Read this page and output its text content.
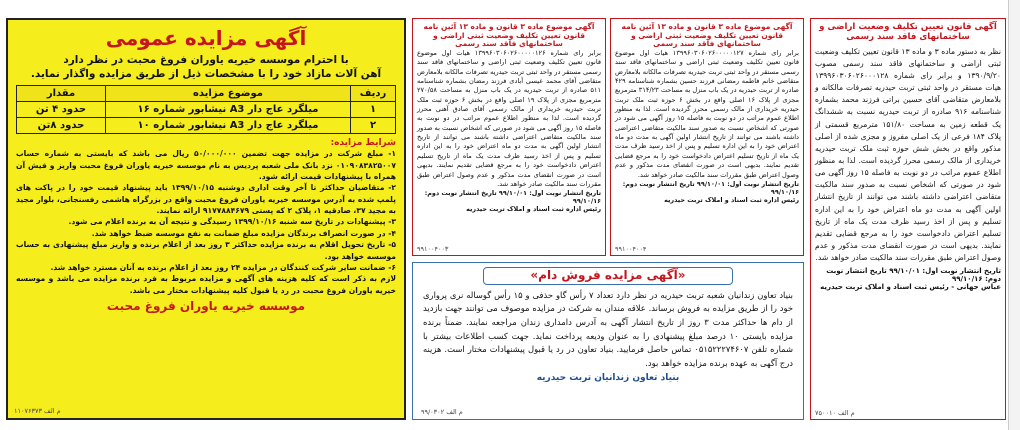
آگهی مزایده عمومی
با احترام موسسه خیریه یاوران فروغ محبت در نظر دارد
آهن آلات مازاد خود را با مشخصات ذیل از طریق مزایده واگذار نماید.
ردیف	موضوع مزایده	مقدار
۱	میلگرد عاج دار A3 نیشابور شماره ۱۶	حدود ۴ تن
۲	میلگرد عاج دار A3 نیشابور شماره ۱۰	حدود ۸تن
شرایط مزایده:
۱- مبلغ شرکت در مزایده جهت تضمین ۵۰/۰۰۰/۰۰۰ ریال می باشد که بایستی به شماره حساب ۰۱۰۹۰۸۳۸۲۵۰۰۷ نزد بانک ملی شعبه پردیس به نام موسسه خیریه یاوران فروغ محبت واریز و فیش آن همراه با پیشنهادات قیمت ارائه شود.
۲- متقاضیان حداکثر تا آخر وقت اداری دوشنبه ۱۳۹۹/۱۰/۱۵ باید پیشنهاد قیمت خود را در پاکت های پلمپ شده به آدرس موسسه خیریه یاوران فروغ محبت واقع در بزرگراه هاشمی رفسنجانی، بلوار مجید به مجید ۳۷، صادقیه ۱، پلاک ۲ که پستی ۹۱۷۷۸۸۴۶۷۹ ارائه نمایند.
۳- پیشنهادات در تاریخ سه شنبه ۱۳۹۹/۱۰/۱۶ رسیدگی و نتیجه آن به برنده اعلام می شود.
۴- در صورت انصراف برندگان مزایده مبلغ ضمانت به نفع موسسه ضبط خواهد شد.
۵- تاریخ تحویل اقلام به برنده مزایده حداکثر ۳ روز بعد از اعلام برنده و واریز مبلغ پیشنهادی به حساب موسسه خواهد بود.
۶- ضمانت سایر شرکت کنندگان در مزایده ۲۴ روز بعد از اعلام برنده به آنان مسترد خواهد شد.
لازم به ذکر است که کلیه هزینه های آگهی و مزایده مربوط به فرد برنده مزایده می باشد و موسسه خیریه یاوران فروغ محبت در رد یا قبول کلیه پیشنهادات مختار می باشد.
موسسه خیریه یاوران فروغ محبت
۱۱۰۷۶۳۷۳ م الف
آگهی موضوع ماده ۳ قانون و ماده ۱۳ آئین نامه قانون تعیین تکلیف وضعیت ثبتی اراضی و ساختمانهای فاقد سند رسمی
برابر رای شماره ۱۳۹۹۶۰۳۰۶۰۲۶۰۰۰۰۰۱۲۶ هیات اول موضوع قانون تعیین تکلیف وضعیت ثبتی اراضی و ساختمانهای فاقد سند رسمی مستقر در واحد ثبتی تربت حیدریه تصرفات مالکانه بلامعارض متقاضی آقای محمد عیسی آبادی فرزند رمضان بشماره شناسنامه ۵۱۱ صادره از تربت حیدریه در یک باب منزل به مساحت ۲۷۰/۵۸ مترمربع مجزی از پلاک ۱۹ اصلی واقع در بخش ۶ حوزه ثبت ملک تربت حیدریه خریداری از مالک رسمی آقای صادق آهنی محرز گردیده است. لذا به منظور اطلاع عموم مراتب در دو نوبت به فاصله ۱۵ روز آگهی می شود در صورتی که اشخاص نسبت به صدور سند مالکیت متقاضی اعتراضی داشته باشند می توانند از تاریخ انتشار اولین آگهی به مدت دو ماه اعتراض خود را به این اداره تسلیم و پس از اخذ رسید ظرف مدت یک ماه از تاریخ تسلیم اعتراض دادخواست خود را به مرجع قضایی تقدیم نمایند. بدیهی است در صورت انقضای مدت مذکور و عدم وصول اعتراض طبق مقررات سند مالکیت صادر خواهد شد.
تاریخ انتشار نوبت اول: ۹۹/۱۰/۰۱ تاریخ انتشار نوبت دوم: ۹۹/۱۰/۱۶
رئیس اداره ثبت اسناد و املاک تربت حیدریه
۹۹۱۰۰۴۰۰۳
آگهی موضوع ماده ۳ قانون و ماده ۱۳ آئین نامه قانون تعیین تکلیف وضعیت ثبتی اراضی و ساختمانهای فاقد سند رسمی
برابر رای شماره ۱۳۹۹۶۰۳۰۶۰۲۶۰۰۰۰۰۱۲۷ هیات اول موضوع قانون تعیین تکلیف وضعیت ثبتی اراضی و ساختمانهای فاقد سند رسمی مستقر در واحد ثبتی تربت حیدریه تصرفات مالکانه بلامعارض متقاضی خانم فاطمه رمضانی فرزند حسین بشماره شناسنامه ۴۲۹ صادره از تربت حیدریه در یک باب منزل به مساحت ۳۱۴/۲۳ مترمربع مجزی از پلاک ۱۶ اصلی واقع در بخش ۶ حوزه ثبت ملک تربت حیدریه خریداری از مالک رسمی محرز گردیده است. لذا به منظور اطلاع عموم مراتب در دو نوبت به فاصله ۱۵ روز آگهی می شود در صورتی که اشخاص نسبت به صدور سند مالکیت متقاضی اعتراضی داشته باشند می توانند از تاریخ انتشار اولین آگهی به مدت دو ماه اعتراض خود را به این اداره تسلیم و پس از اخذ رسید ظرف مدت یک ماه از تاریخ تسلیم اعتراض دادخواست خود را به مرجع قضایی تقدیم نمایند. بدیهی است در صورت انقضای مدت مذکور و عدم وصول اعتراض طبق مقررات سند مالکیت صادر خواهد شد.
تاریخ انتشار نوبت اول: ۹۹/۱۰/۰۱ تاریخ انتشار نوبت دوم: ۹۹/۱۰/۱۶
رئیس اداره ثبت اسناد و املاک تربت حیدریه
۹۹۱۰۰۴۰۰۴
«آگهی مزایده فروش دام»
بنیاد تعاون زندانیان شعبه تربت حیدریه در نظر دارد تعداد ۷ رأس گاو حذفی و ۱۵ رأس گوساله نری پرواری خود را از طریق مزایده به فروش برساند. علاقه مندان به شرکت در مزایده موصوف می توانند جهت بازدید از دام ها حداکثر مدت ۳ روز از تاریخ انتشار آگهی به آدرس دامداری زندان مراجعه نمایند. ضمناً برنده مزایده بایستی ۱۰ درصد مبلغ پیشنهادی را به عنوان ودیعه پرداخت نماید. جهت کسب اطلاعات بیشتر با شماره تلفن ۰۵۱۵۲۲۲۷۴۶۰۷ تماس حاصل فرمایید. بنیاد تعاون در رد یا قبول پیشنهادات مختار است. هزینه درج آگهی به عهده برنده مزایده خواهد بود.
بنیاد تعاون زندانیان تربت حیدریه
۹۹/۰۳۰۲ م الف
آگهی قانون تعیین تکلیف وضعیت اراضی و ساختمانهای فاقد سند رسمی
نظر به دستور ماده ۳ و ماده ۱۳ قانون تعیین تکلیف وضعیت ثبتی اراضی و ساختمانهای فاقد سند رسمی مصوب ۱۳۹۰/۹/۲۰ و برابر رای شماره ۱۳۹۹۶۰۳۰۶۰۲۶۰۰۰۱۲۸ هیات مستقر در واحد ثبتی تربت حیدریه تصرفات مالکانه و بلامعارض متقاضی آقای حسین براتی فرزند محمد بشماره شناسنامه ۹۱۶ صادره از تربت حیدریه نسبت به ششدانگ یک قطعه زمین به مساحت ۱۵۱/۸۰ مترمربع قسمتی از پلاک ۱۸۴ فرعی از یک اصلی مفروز و مجزی شده از اصلی مذکور واقع در بخش شش حوزه ثبت ملک تربت حیدریه خریداری از مالک رسمی محرز گردیده است. لذا به منظور اطلاع عموم مراتب در دو نوبت به فاصله ۱۵ روز آگهی می شود در صورتی که اشخاص نسبت به صدور سند مالکیت متقاضی اعتراضی داشته باشند می توانند از تاریخ انتشار اولین آگهی به مدت دو ماه اعتراض خود را به این اداره تسلیم و پس از اخذ رسید ظرف مدت یک ماه از تاریخ تسلیم اعتراض دادخواست خود را به مرجع قضایی تقدیم نمایند. بدیهی است در صورت انقضای مدت مذکور و عدم وصول اعتراض طبق مقررات سند مالکیت صادر خواهد شد.
تاریخ انتشار نوبت اول: ۹۹/۱۰/۰۱ تاریخ انتشار نوبت دوم: ۹۹/۱۰/۱۶
عباس جهانی - رئیس ثبت اسناد و املاک تربت حیدریه
۷۵۰۰۱۰ م الف
